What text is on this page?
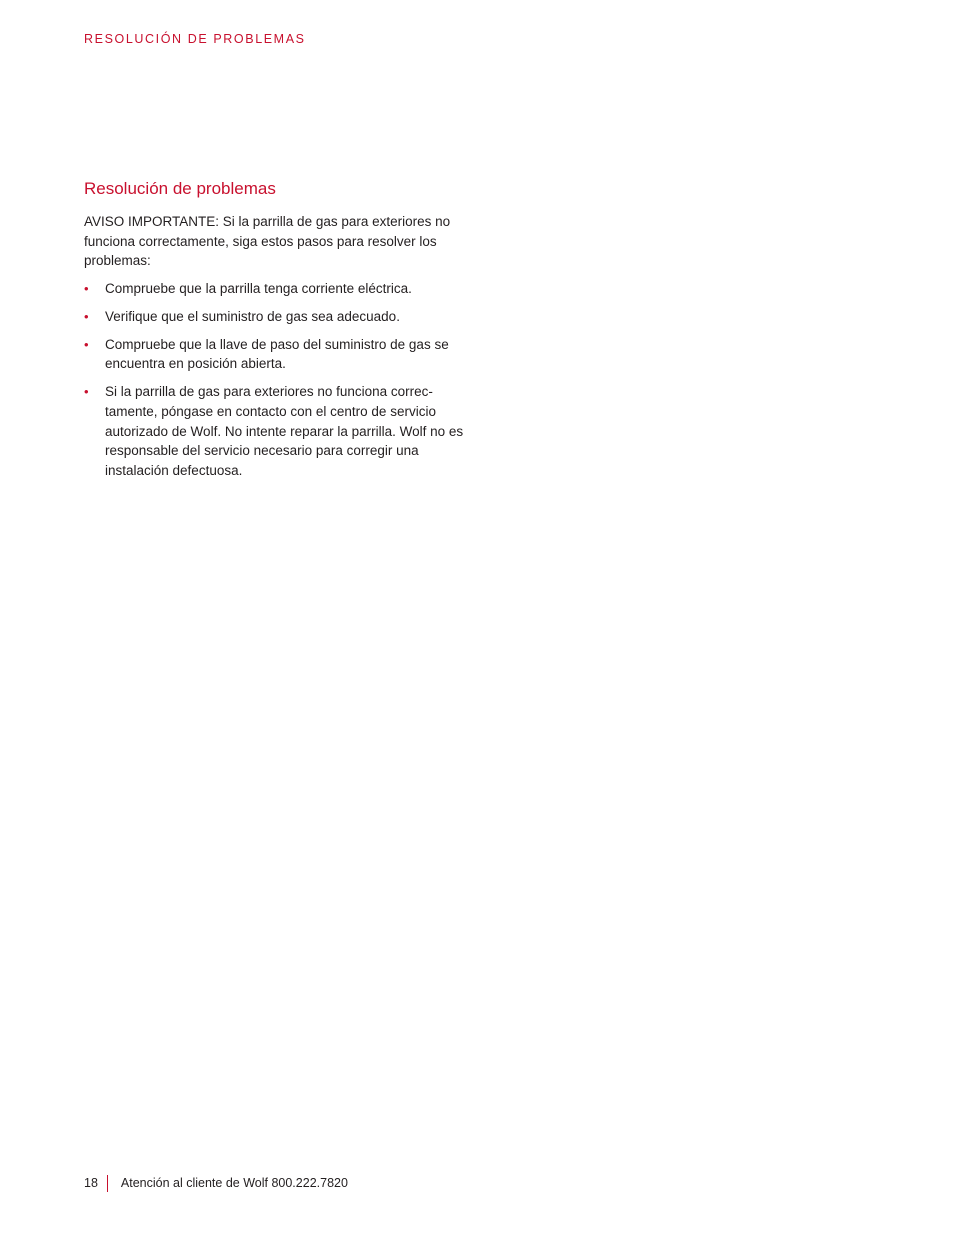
RESOLUCIÓN DE PROBLEMAS
Resolución de problemas

AVISO IMPORTANTE: Si la parrilla de gas para exteriores no funciona correctamente, siga estos pasos para resolver los problemas:

• Compruebe que la parrilla tenga corriente eléctrica.
• Verifique que el suministro de gas sea adecuado.
• Compruebe que la llave de paso del suministro de gas se encuentra en posición abierta.
• Si la parrilla de gas para exteriores no funciona correctamente, póngase en contacto con el centro de servicio autorizado de Wolf. No intente reparar la parrilla. Wolf no es responsable del servicio necesario para corregir una instalación defectuosa.
18 Atención al cliente de Wolf 800.222.7820
